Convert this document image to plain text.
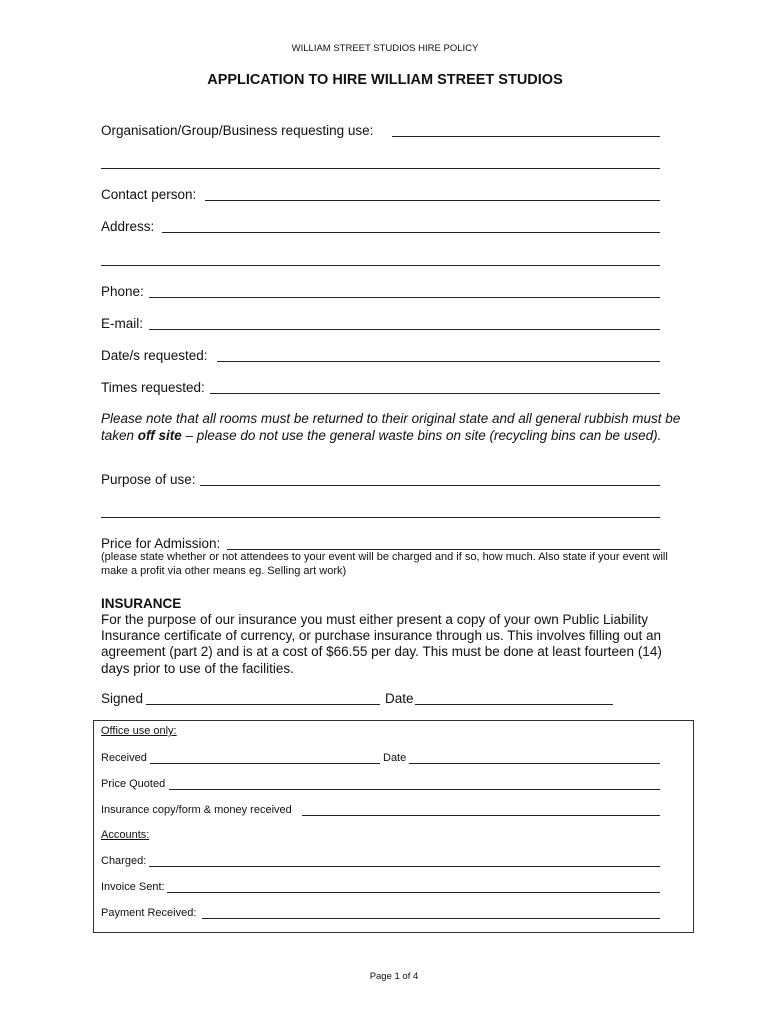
WILLIAM STREET STUDIOS HIRE POLICY
APPLICATION TO HIRE WILLIAM STREET STUDIOS
Organisation/Group/Business requesting use:
Contact person:
Address:
Phone:
E-mail:
Date/s requested:
Times requested:
Please note that all rooms must be returned to their original state and all general rubbish must be taken off site – please do not use the general waste bins on site (recycling bins can be used).
Purpose of use:
Price for Admission:
(please state whether or not attendees to your event will be charged and if so, how much. Also state if your event will make a profit via other means eg. Selling art work)
INSURANCE
For the purpose of our insurance you must either present a copy of your own Public Liability Insurance certificate of currency, or purchase insurance through us. This involves filling out an agreement (part 2) and is at a cost of $66.55 per day. This must be done at least fourteen (14) days prior to use of the facilities.
Signed	Date
Office use only:
Received	Date
Price Quoted
Insurance copy/form & money received
Accounts:
Charged:
Invoice Sent:
Payment Received:
Page 1 of 4
